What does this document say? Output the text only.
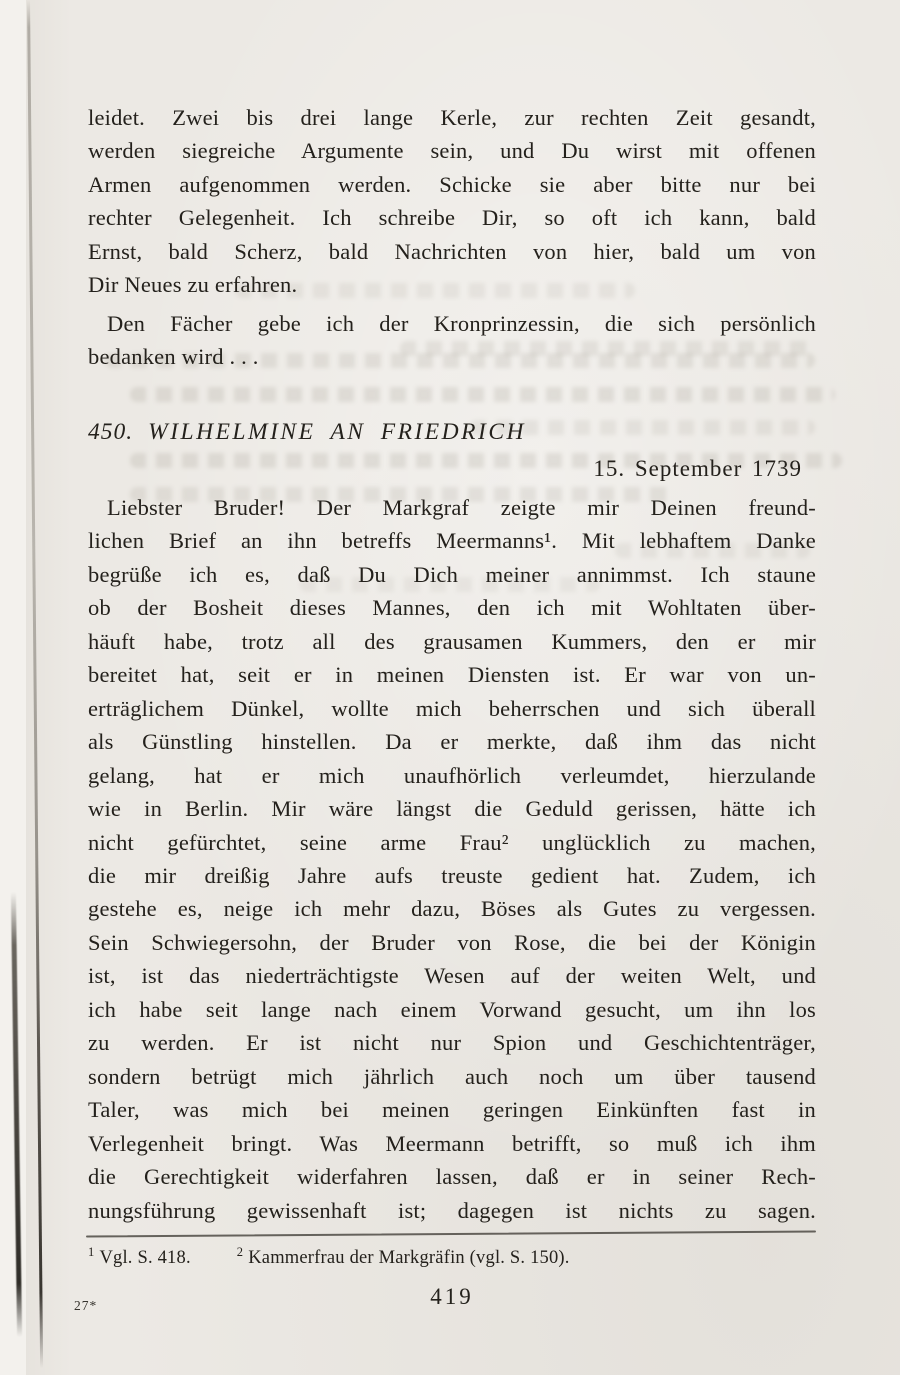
leidet. Zwei bis drei lange Kerle, zur rechten Zeit gesandt,
werden siegreiche Argumente sein, und Du wirst mit offenen
Armen aufgenommen werden. Schicke sie aber bitte nur bei
rechter Gelegenheit. Ich schreibe Dir, so oft ich kann, bald
Ernst, bald Scherz, bald Nachrichten von hier, bald um von
Dir Neues zu erfahren.
Den Fächer gebe ich der Kronprinzessin, die sich persönlich
bedanken wird . . .
450. WILHELMINE AN FRIEDRICH
15. September 1739
Liebster Bruder! Der Markgraf zeigte mir Deinen freund-
lichen Brief an ihn betreffs Meermanns¹. Mit lebhaftem Danke
begrüße ich es, daß Du Dich meiner annimmst. Ich staune
ob der Bosheit dieses Mannes, den ich mit Wohltaten über-
häuft habe, trotz all des grausamen Kummers, den er mir
bereitet hat, seit er in meinen Diensten ist. Er war von un-
erträglichem Dünkel, wollte mich beherrschen und sich überall
als Günstling hinstellen. Da er merkte, daß ihm das nicht
gelang, hat er mich unaufhörlich verleumdet, hierzulande
wie in Berlin. Mir wäre längst die Geduld gerissen, hätte ich
nicht gefürchtet, seine arme Frau² unglücklich zu machen,
die mir dreißig Jahre aufs treuste gedient hat. Zudem, ich
gestehe es, neige ich mehr dazu, Böses als Gutes zu vergessen.
Sein Schwiegersohn, der Bruder von Rose, die bei der Königin
ist, ist das niederträchtigste Wesen auf der weiten Welt, und
ich habe seit lange nach einem Vorwand gesucht, um ihn los
zu werden. Er ist nicht nur Spion und Geschichtenträger,
sondern betrügt mich jährlich auch noch um über tausend
Taler, was mich bei meinen geringen Einkünften fast in
Verlegenheit bringt. Was Meermann betrifft, so muß ich ihm
die Gerechtigkeit widerfahren lassen, daß er in seiner Rech-
nungsführung gewissenhaft ist; dagegen ist nichts zu sagen.
$^1$ Vgl. S. 418.	$^2$ Kammerfrau der Markgräfin (vgl. S. 150).
27*	419
